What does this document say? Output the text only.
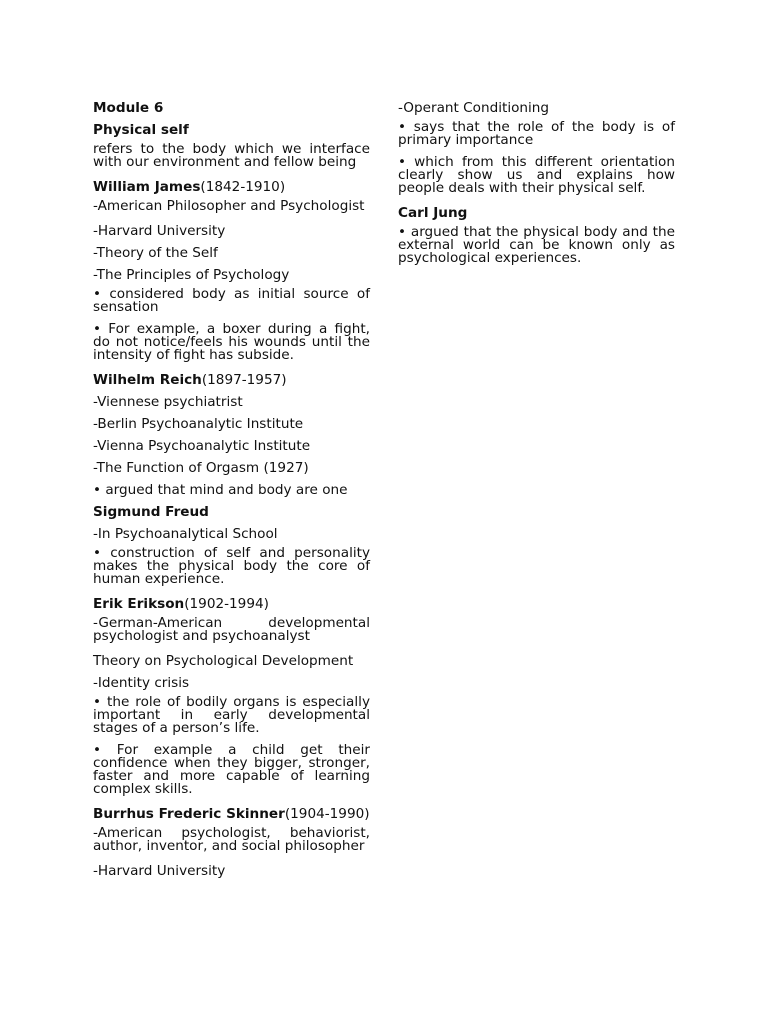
Module 6

Physical self

refers to the body which we interface with our environment and fellow being

William James(1842-1910)

-American Philosopher and Psychologist

-Harvard University

-Theory of the Self

-The Principles of Psychology

• considered body as initial source of sensation

• For example, a boxer during a fight, do not notice/feels his wounds until the intensity of fight has subside.

Wilhelm Reich(1897-1957)

-Viennese psychiatrist

-Berlin Psychoanalytic Institute

-Vienna Psychoanalytic Institute

-The Function of Orgasm (1927)

• argued that mind and body are one

Sigmund Freud

-In Psychoanalytical School

• construction of self and personality makes the physical body the core of human experience.

Erik Erikson(1902-1994)

-German-American developmental psychologist and psychoanalyst

Theory on Psychological Development

-Identity crisis

• the role of bodily organs is especially important in early developmental stages of a person’s life.

• For example a child get their confidence when they bigger, stronger, faster and more capable of learning complex skills.

Burrhus Frederic Skinner(1904-1990)

-American psychologist, behaviorist, author, inventor, and social philosopher

-Harvard University

-Operant Conditioning

• says that the role of the body is of primary importance

• which from this different orientation clearly show us and explains how people deals with their physical self.

Carl Jung

• argued that the physical body and the external world can be known only as psychological experiences.
